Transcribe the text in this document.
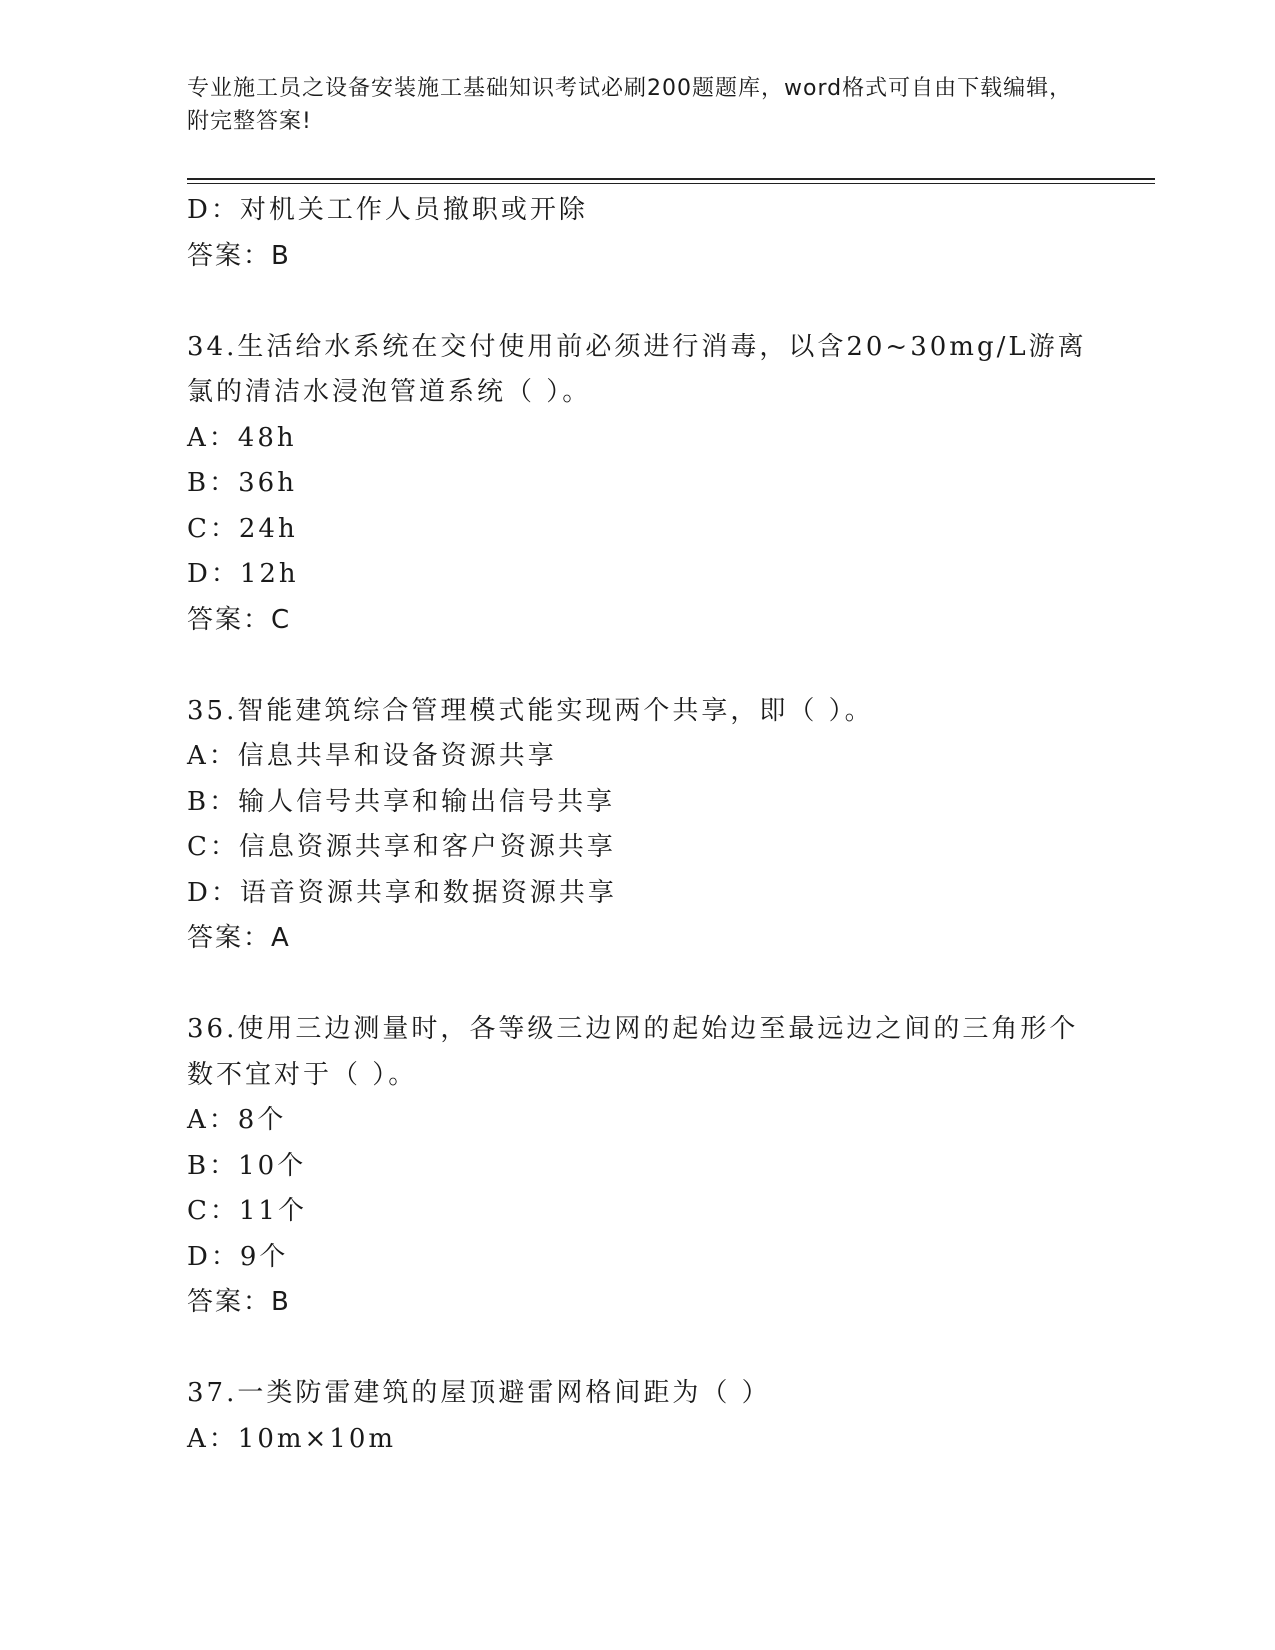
专业施工员之设备安装施工基础知识考试必刷200题题库，word格式可自由下载编辑，附完整答案!
D：对机关工作人员撤职或开除
答案：B
34.生活给水系统在交付使用前必须进行消毒，以含20~30mg/L游离氯的清洁水浸泡管道系统（ ）。
A：48h
B：36h
C：24h
D：12h
答案：C
35.智能建筑综合管理模式能实现两个共享，即（ ）。
A：信息共旱和设备资源共享
B：输人信号共享和输出信号共享
C：信息资源共享和客户资源共享
D：语音资源共享和数据资源共享
答案：A
36.使用三边测量时，各等级三边网的起始边至最远边之间的三角形个数不宜对于（ ）。
A：8个
B：10个
C：11个
D：9个
答案：B
37.一类防雷建筑的屋顶避雷网格间距为（ ）
A：10m×10m
